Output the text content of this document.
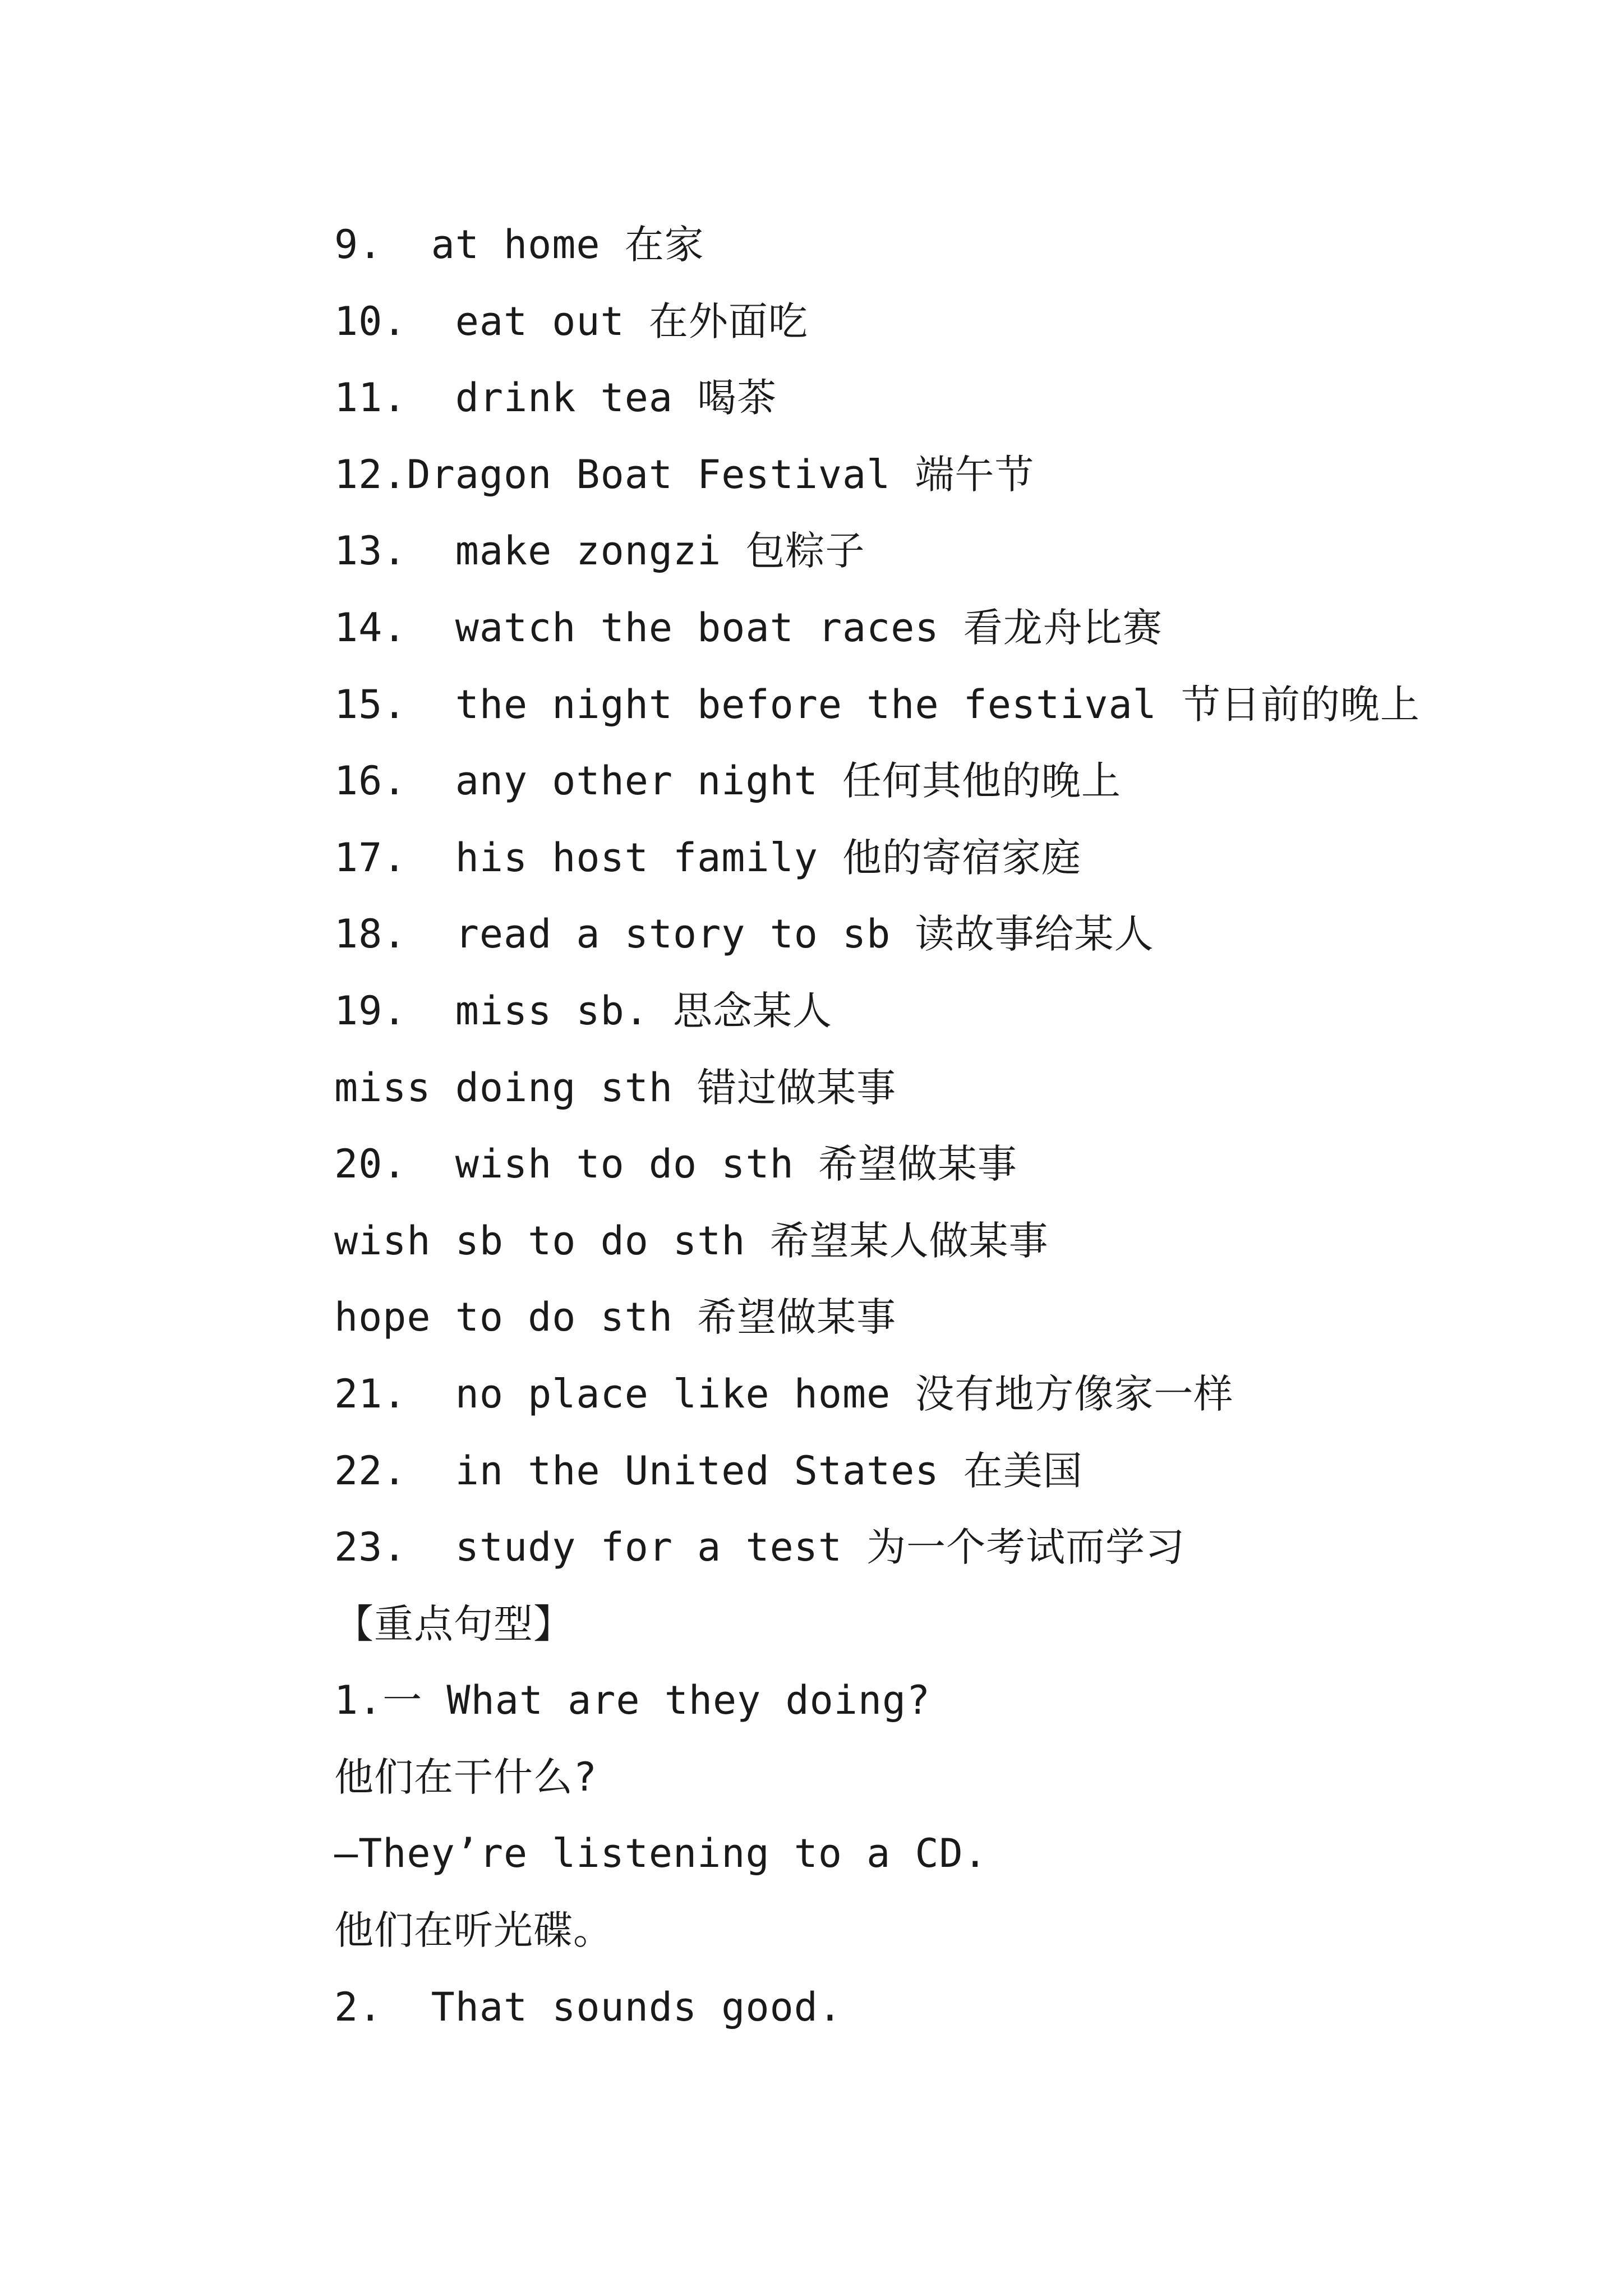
9.  at home 在家
10.  eat out 在外面吃
11.  drink tea 喝茶
12.Dragon Boat Festival 端午节
13.  make zongzi 包粽子
14.  watch the boat races 看龙舟比赛
15.  the night before the festival 节日前的晚上
16.  any other night 任何其他的晚上
17.  his host family 他的寄宿家庭
18.  read a story to sb 读故事给某人
19.  miss sb. 思念某人
miss doing sth 错过做某事
20.  wish to do sth 希望做某事
wish sb to do sth 希望某人做某事
hope to do sth 希望做某事
21.  no place like home 没有地方像家一样
22.  in the United States 在美国
23.  study for a test 为一个考试而学习
【重点句型】
1.一 What are they doing?
他们在干什么?
—They’re listening to a CD.
他们在听光碟。
2.  That sounds good.
